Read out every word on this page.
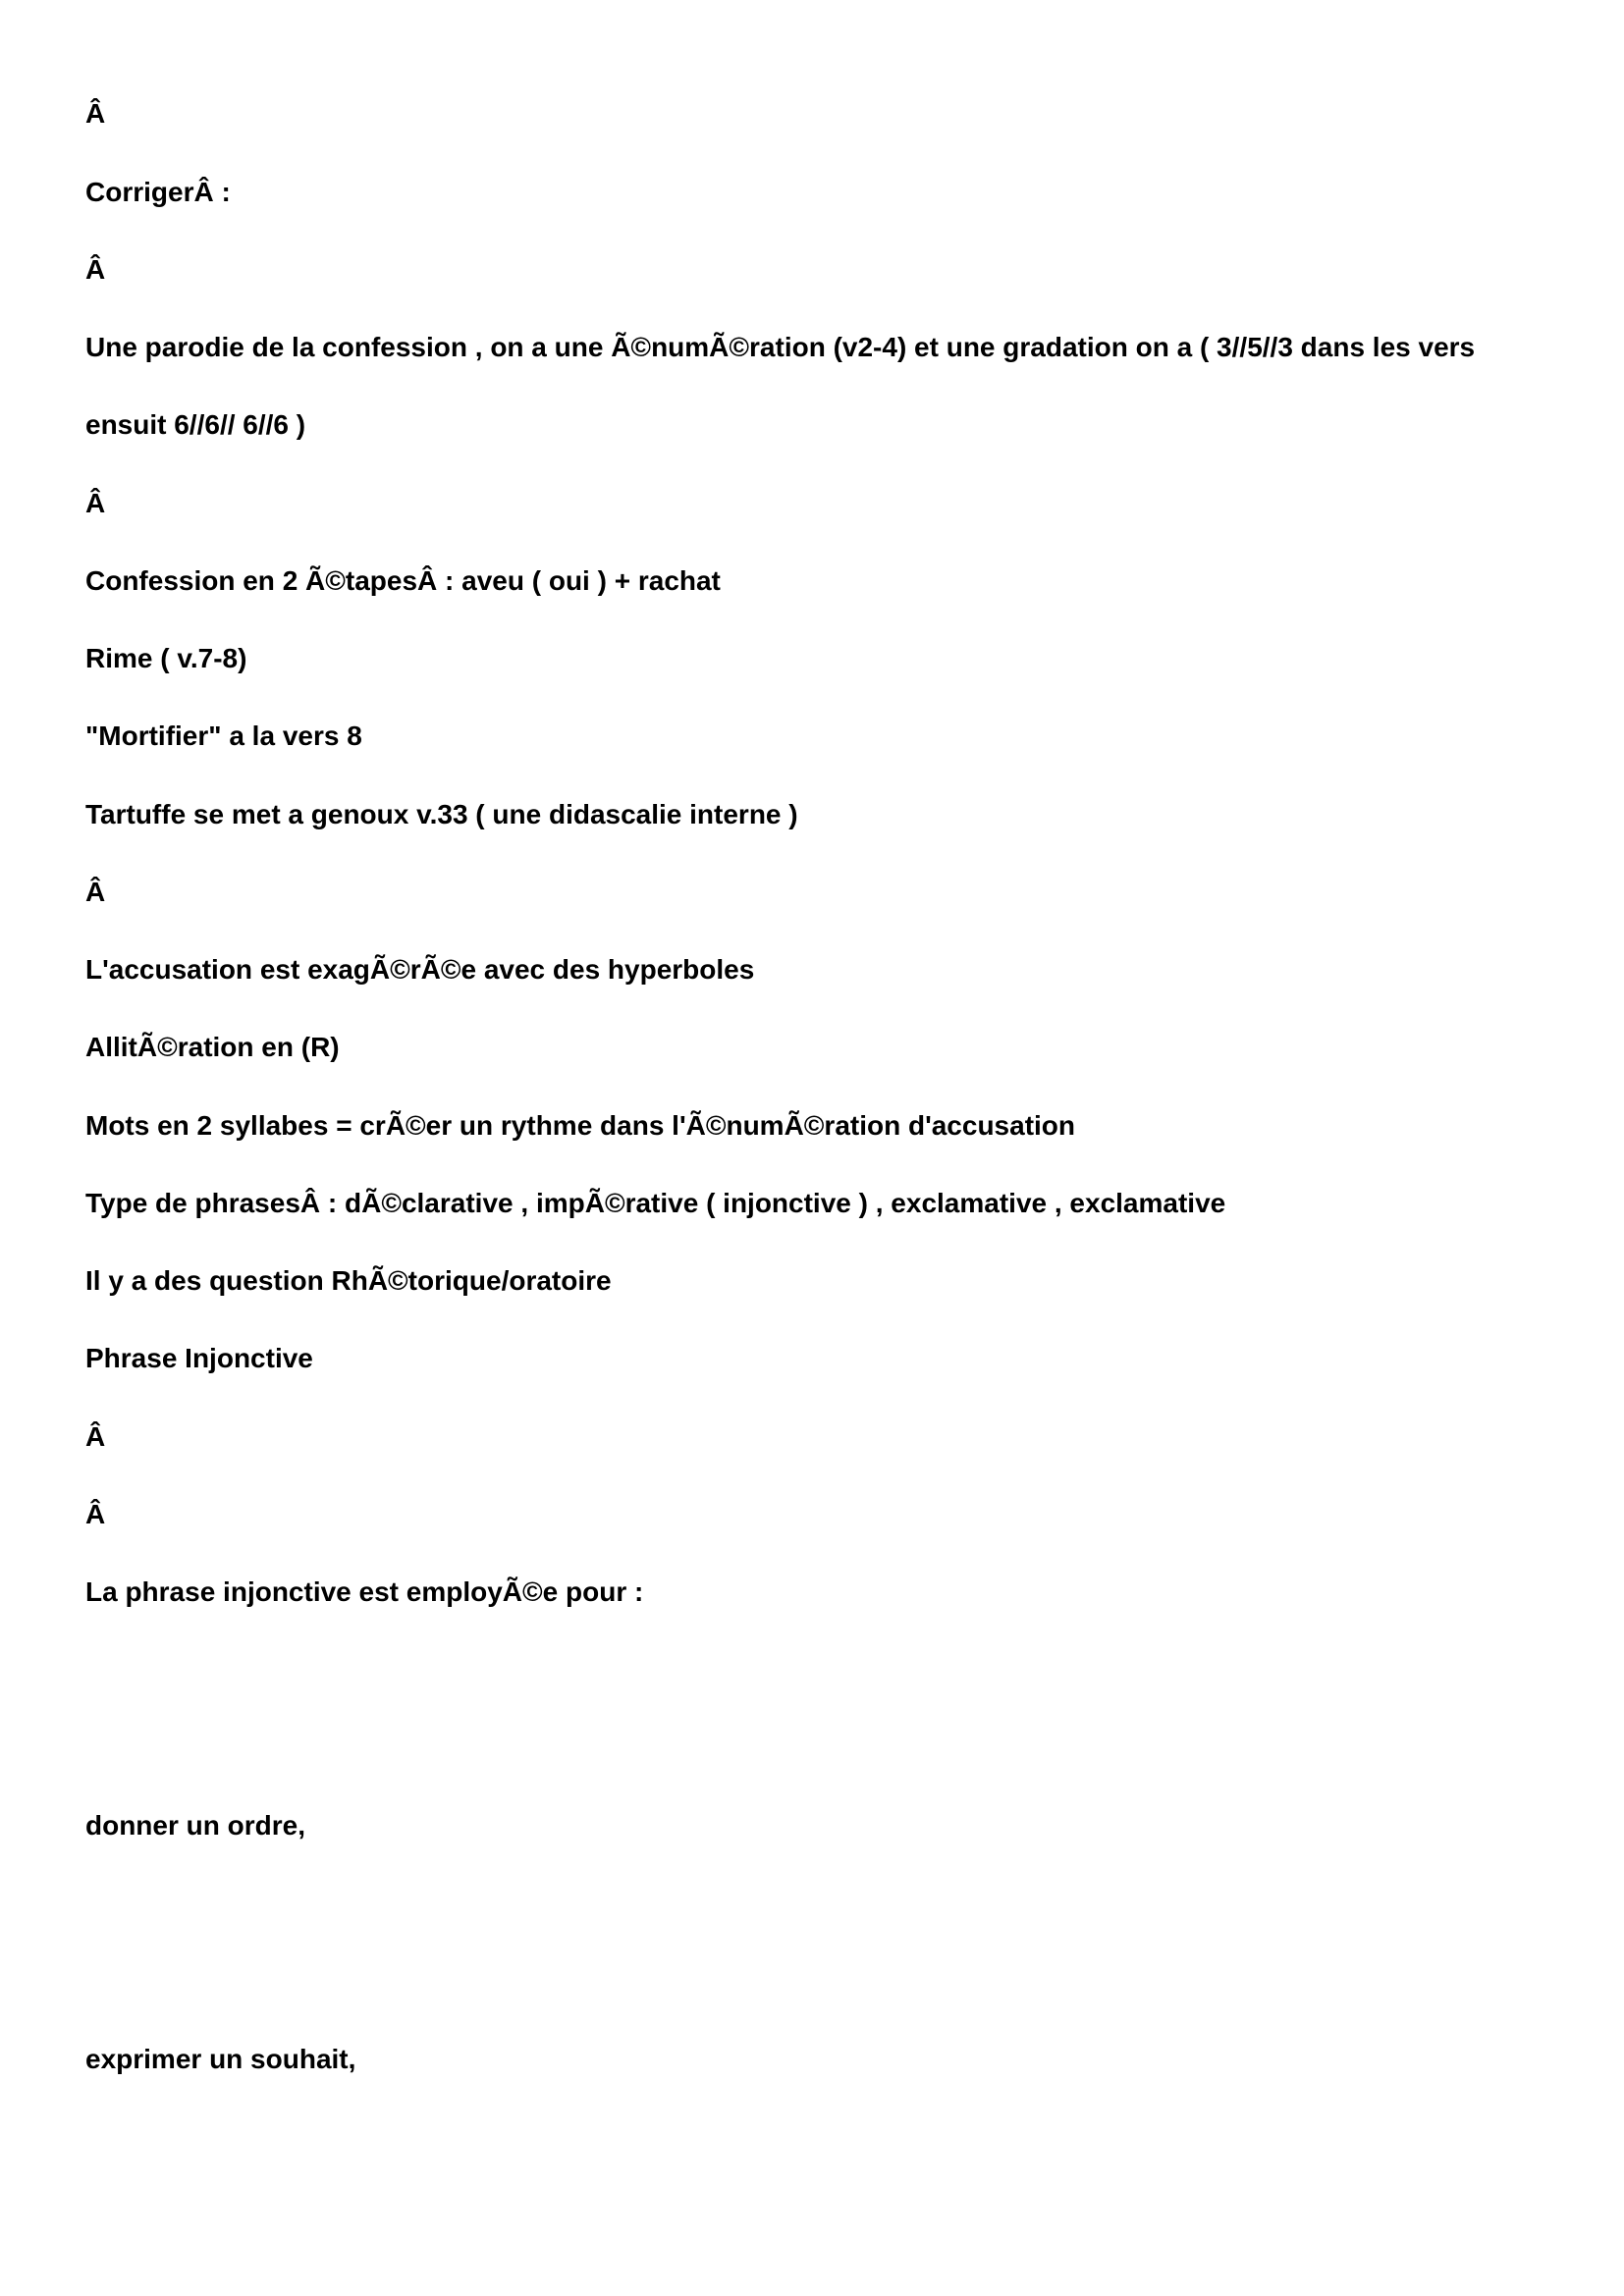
Â

CorrigerÂ :

Â

Une parodie de la confession , on a une Ã©numÃ©ration (v2-4) et une gradation on a ( 3//5//3 dans les vers

ensuit 6//6// 6//6 )

Â

Confession en 2 Ã©tapesÂ : aveu ( oui ) + rachat

Rime ( v.7-8)

"Mortifier" a la vers 8

Tartuffe se met a genoux v.33 ( une didascalie interne )

Â

L'accusation est exagÃ©rÃ©e avec des hyperboles

AllitÃ©ration en (R)

Mots en 2 syllabes = crÃ©er un rythme dans l'Ã©numÃ©ration d'accusation

Type de phrasesÂ : dÃ©clarative , impÃ©rative ( injonctive ) , exclamative , exclamative

Il y a des question RhÃ©torique/oratoire

Phrase Injonctive

Â

Â

La phrase injonctive est employÃ©e pour :

donner un ordre,

exprimer un souhait,
